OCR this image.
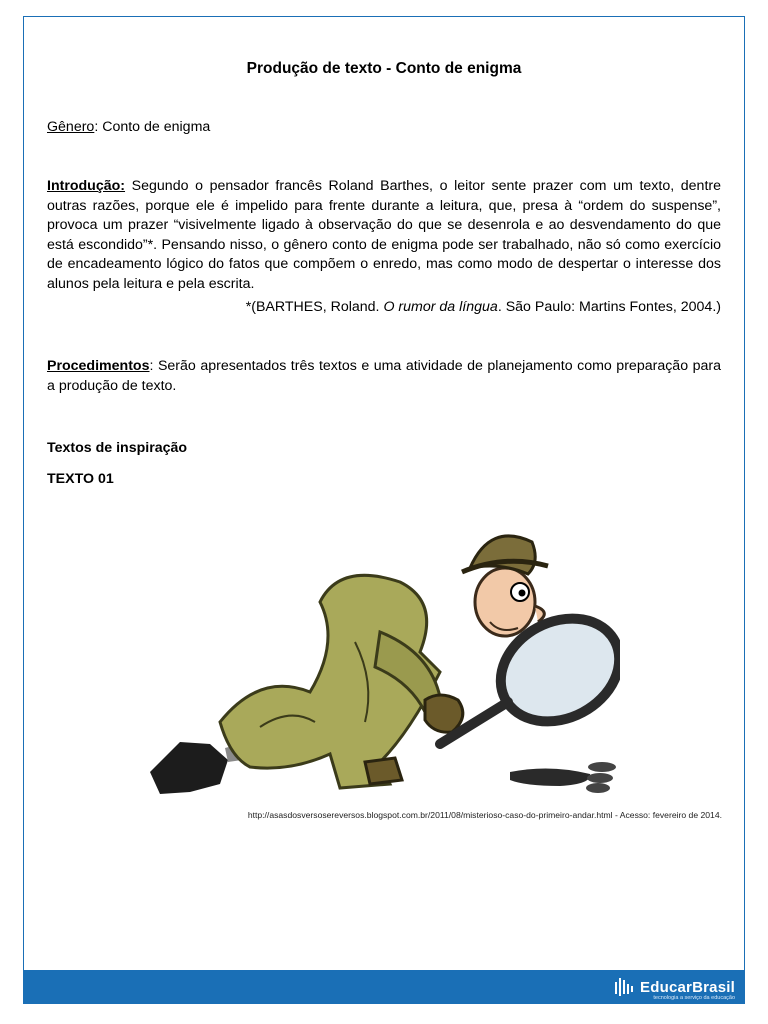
Produção de texto - Conto de enigma
Gênero: Conto de enigma
Introdução: Segundo o pensador francês Roland Barthes, o leitor sente prazer com um texto, dentre outras razões, porque ele é impelido para frente durante a leitura, que, presa à “ordem do suspense”, provoca um prazer “visivelmente ligado à observação do que se desenrola e ao desvendamento do que está escondido”*. Pensando nisso, o gênero conto de enigma pode ser trabalhado, não só como exercício de encadeamento lógico do fatos que compõem o enredo, mas como modo de despertar o interesse dos alunos pela leitura e pela escrita.
*(BARTHES, Roland. O rumor da língua. São Paulo: Martins Fontes, 2004.)
Procedimentos: Serão apresentados três textos e uma atividade de planejamento como preparação para a produção de texto.
Textos de inspiração
TEXTO 01
http://asasdosversosereversos.blogspot.com.br/2011/08/misterioso-caso-do-primeiro-andar.html - Acesso: fevereiro de 2014.
EducarBrasil
tecnologia a serviço da educação
